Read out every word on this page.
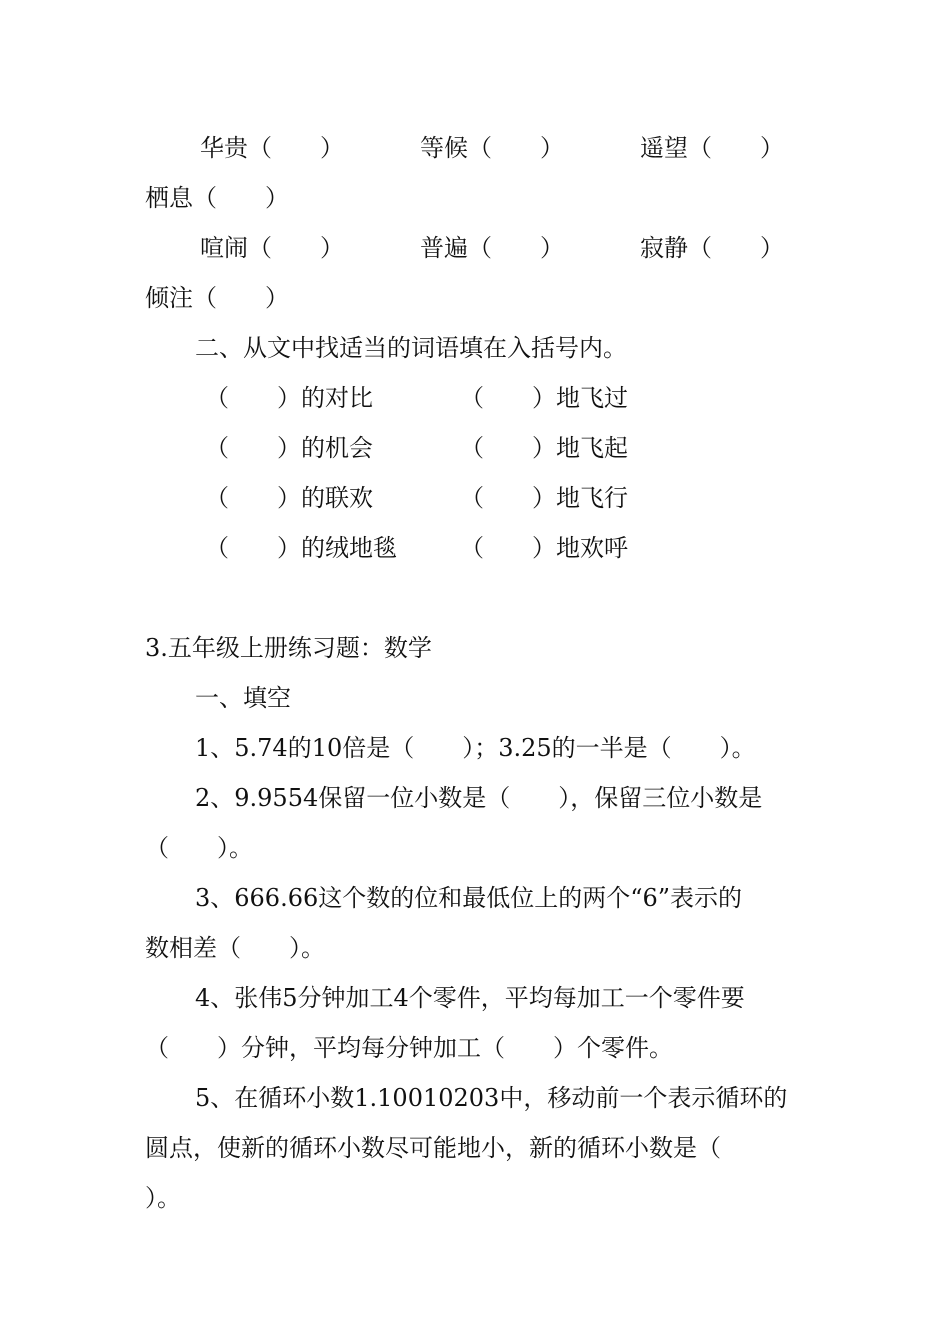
华贵（　　）	等候（　　）	遥望（　　）
栖息（　　）
喧闹（　　）	普遍（　　）	寂静（　　）
倾注（　　）
二、从文中找适当的词语填在入括号内。
（　　）的对比	（　　）地飞过
（　　）的机会	（　　）地飞起
（　　）的联欢	（　　）地飞行
（　　）的绒地毯	（　　）地欢呼
3.五年级上册练习题：数学
一、填空
1、5.74的10倍是（　　）；3.25的一半是（　　）。
2、9.9554保留一位小数是（　　），保留三位小数是
（　　）。
3、666.66这个数的位和最低位上的两个“6”表示的
数相差（　　）。
4、张伟5分钟加工4个零件，平均每加工一个零件要
（　　）分钟，平均每分钟加工（　　）个零件。
5、在循环小数1.10010203中，移动前一个表示循环的
圆点，使新的循环小数尽可能地小，新的循环小数是（
）。
